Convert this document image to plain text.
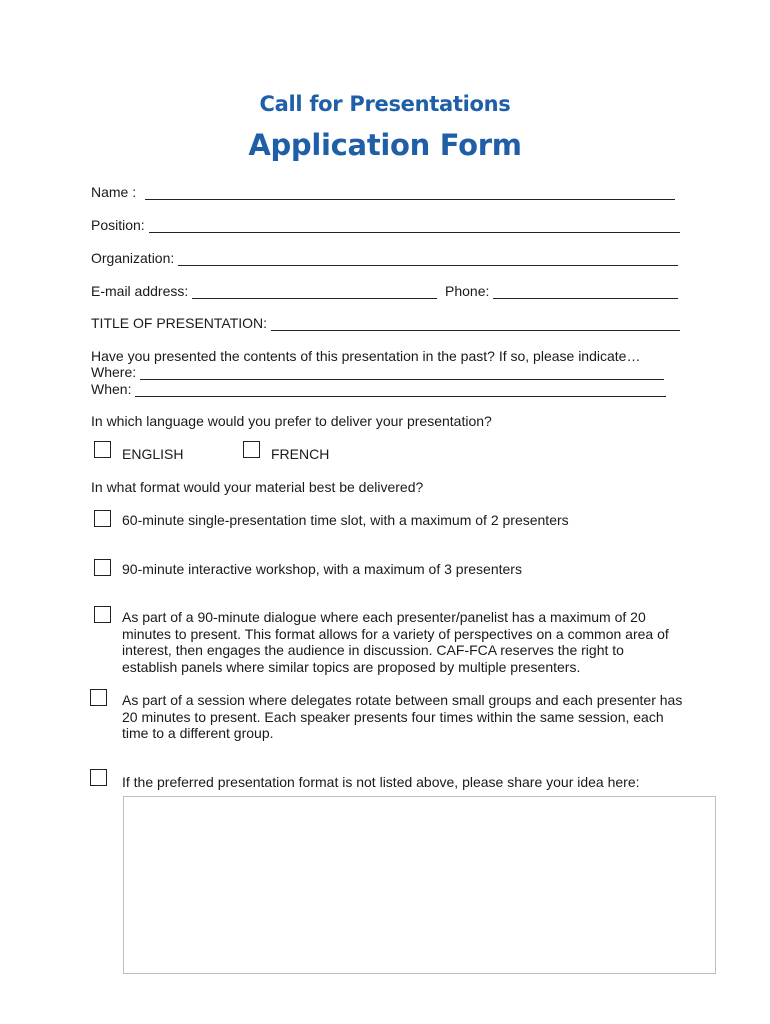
Call for Presentations
Application Form
Name :
Position:
Organization:
E-mail address:	Phone:
TITLE OF PRESENTATION:
Have you presented the contents of this presentation in the past? If so, please indicate…
Where:
When:
In which language would you prefer to deliver your presentation?
ENGLISH	FRENCH
In what format would your material best be delivered?
60-minute single-presentation time slot, with a maximum of 2 presenters
90-minute interactive workshop, with a maximum of 3 presenters
As part of a 90-minute dialogue where each presenter/panelist has a maximum of 20 minutes to present. This format allows for a variety of perspectives on a common area of interest, then engages the audience in discussion. CAF-FCA reserves the right to establish panels where similar topics are proposed by multiple presenters.
As part of a session where delegates rotate between small groups and each presenter has 20 minutes to present. Each speaker presents four times within the same session, each time to a different group.
If the preferred presentation format is not listed above, please share your idea here:
